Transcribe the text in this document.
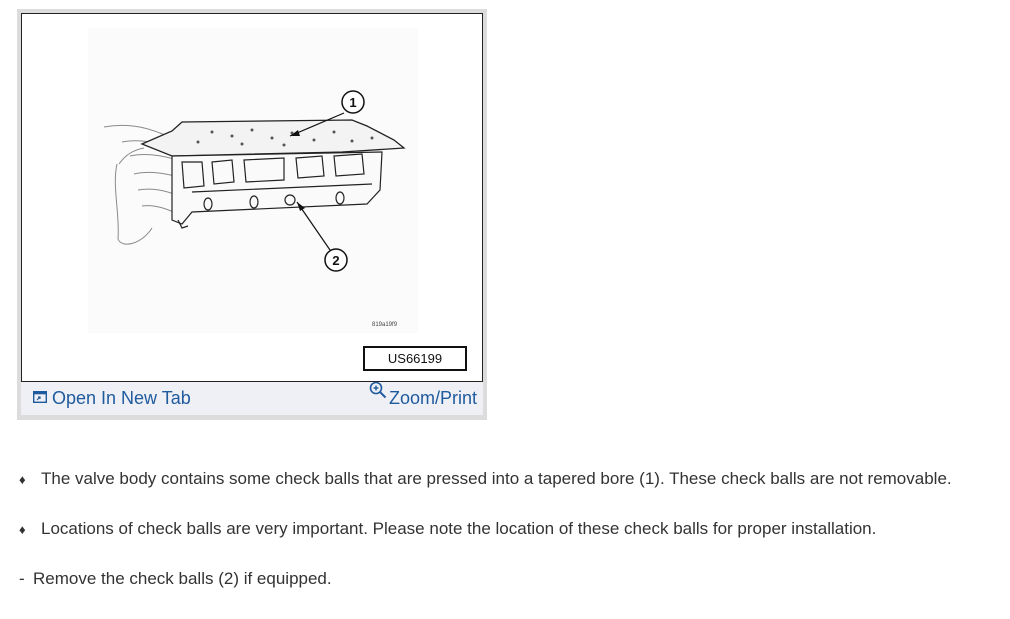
1
2
819a19f9
US66199
Open In New Tab	Zoom/Print
♦ The valve body contains some check balls that are pressed into a tapered bore (1). These check balls are not removable.
♦ Locations of check balls are very important. Please note the location of these check balls for proper installation.
- Remove the check balls (2) if equipped.
